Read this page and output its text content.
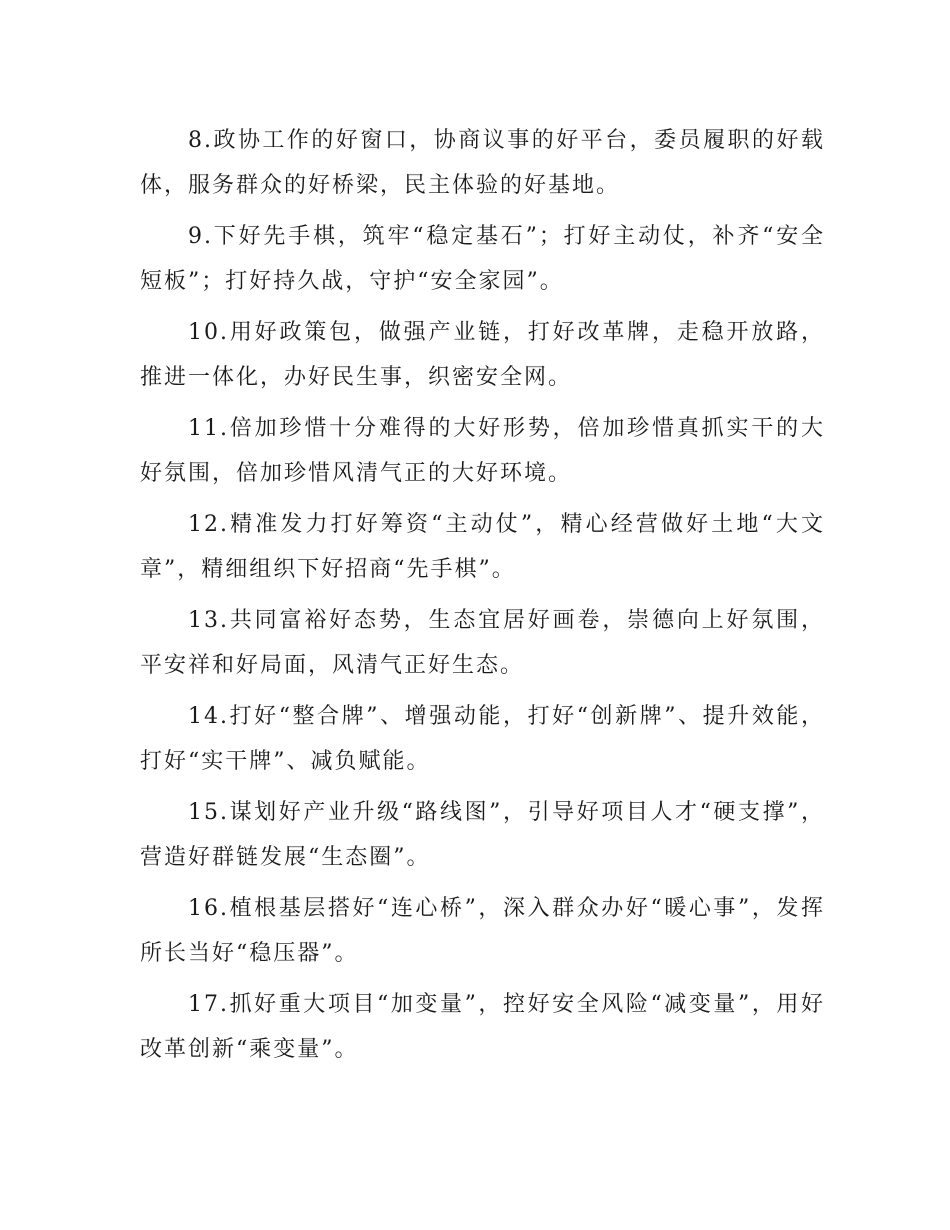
8.政协工作的好窗口，协商议事的好平台，委员履职的好载体，服务群众的好桥梁，民主体验的好基地。

9.下好先手棋，筑牢“稳定基石”；打好主动仗，补齐“安全短板”；打好持久战，守护“安全家园”。

10.用好政策包，做强产业链，打好改革牌，走稳开放路，推进一体化，办好民生事，织密安全网。

11.倍加珍惜十分难得的大好形势，倍加珍惜真抓实干的大好氛围，倍加珍惜风清气正的大好环境。

12.精准发力打好筹资“主动仗”，精心经营做好土地“大文章”，精细组织下好招商“先手棋”。

13.共同富裕好态势，生态宜居好画卷，崇德向上好氛围，平安祥和好局面，风清气正好生态。

14.打好“整合牌”、增强动能，打好“创新牌”、提升效能，打好“实干牌”、减负赋能。

15.谋划好产业升级“路线图”，引导好项目人才“硬支撑”，营造好群链发展“生态圈”。

16.植根基层搭好“连心桥”，深入群众办好“暖心事”，发挥所长当好“稳压器”。

17.抓好重大项目“加变量”，控好安全风险“减变量”，用好改革创新“乘变量”。
